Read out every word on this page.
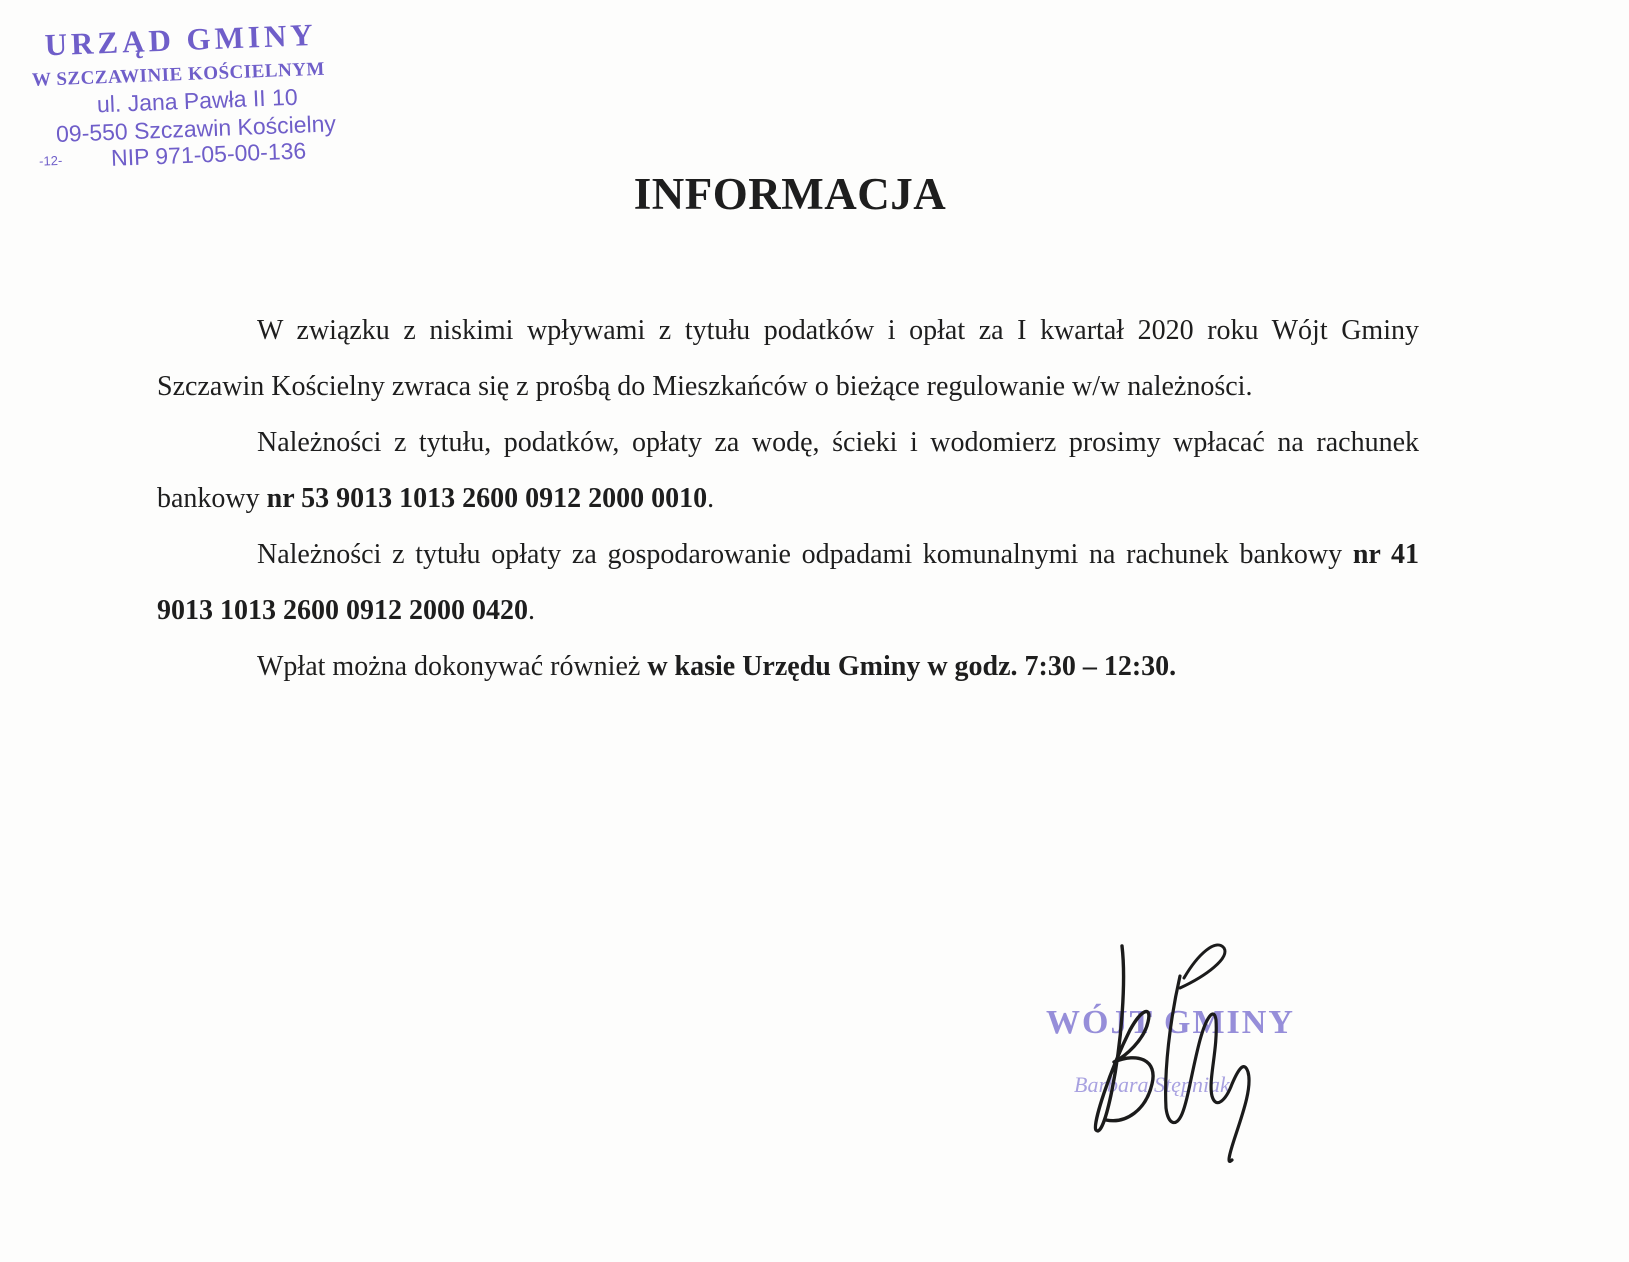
URZĄD GMINY
W SZCZAWINIE KOŚCIELNYM
ul. Jana Pawła II 10
09-550 Szczawin Kościelny
-12- NIP 971-05-00-136
INFORMACJA

W związku z niskimi wpływami z tytułu podatków i opłat za I kwartał 2020 roku Wójt Gminy Szczawin Kościelny zwraca się z prośbą do Mieszkańców o bieżące regulowanie w/w należności.

Należności z tytułu, podatków, opłaty za wodę, ścieki i wodomierz prosimy wpłacać na rachunek bankowy nr 53 9013 1013 2600 0912 2000 0010.

Należności z tytułu opłaty za gospodarowanie odpadami komunalnymi na rachunek bankowy nr 41 9013 1013 2600 0912 2000 0420.

Wpłat można dokonywać również w kasie Urzędu Gminy w godz. 7:30 – 12:30.

WÓJT GMINY
Barbara Stępniak
